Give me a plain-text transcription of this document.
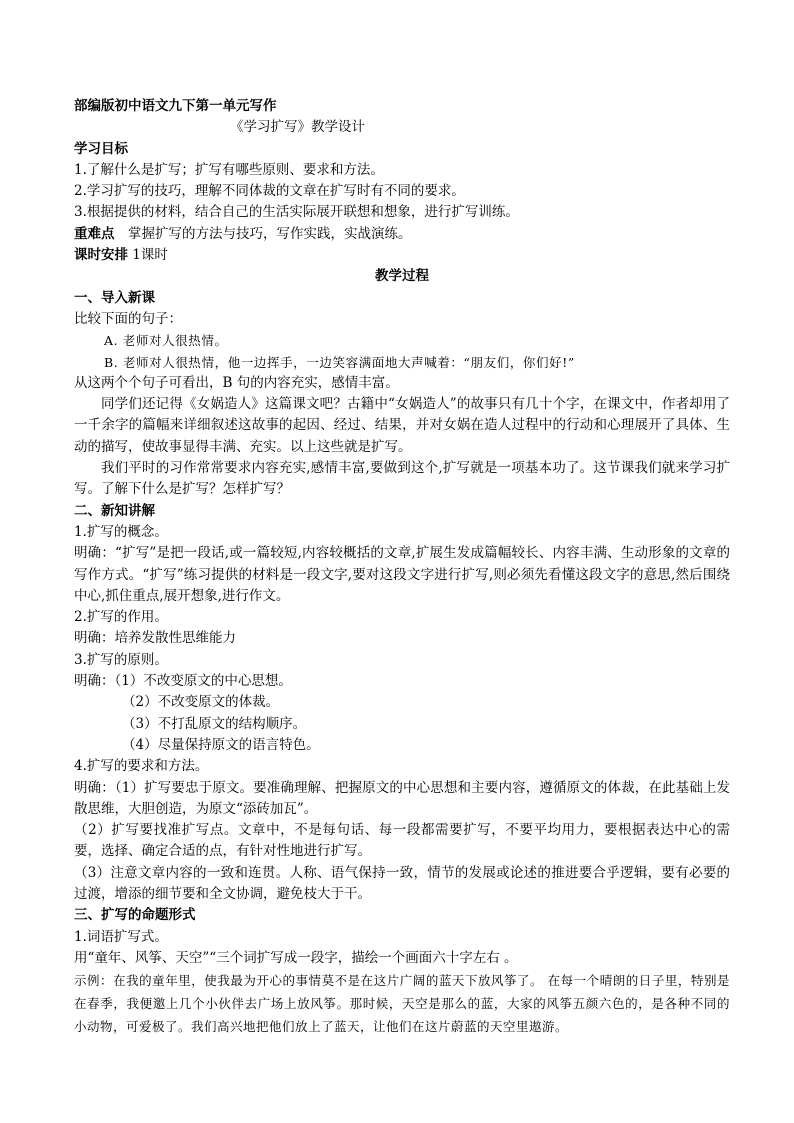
部编版初中语文九下第一单元写作
《学习扩写》教学设计
学习目标
1.了解什么是扩写；扩写有哪些原则、要求和方法。
2.学习扩写的技巧，理解不同体裁的文章在扩写时有不同的要求。
3.根据提供的材料，结合自己的生活实际展开联想和想象，进行扩写训练。
重难点　掌握扩写的方法与技巧，写作实践，实战演练。
课时安排 1课时
教学过程
一、导入新课
比较下面的句子：
A. 老师对人很热情。
B. 老师对人很热情，他一边挥手，一边笑容满面地大声喊着：“朋友们，你们好!”
从这两个个句子可看出，B 句的内容充实，感情丰富。
同学们还记得《女娲造人》这篇课文吧？古籍中“女娲造人”的故事只有几十个字，在课文中，作者却用了一千余字的篇幅来详细叙述这故事的起因、经过、结果，并对女娲在造人过程中的行动和心理展开了具体、生动的描写，使故事显得丰满、充实。以上这些就是扩写。
我们平时的习作常常要求内容充实,感情丰富,要做到这个,扩写就是一项基本功了。这节课我们就来学习扩写。了解下什么是扩写？怎样扩写？
二、新知讲解
1.扩写的概念。
明确：“扩写”是把一段话,或一篇较短,内容较概括的文章,扩展生发成篇幅较长、内容丰满、生动形象的文章的写作方式。“扩写”练习提供的材料是一段文字,要对这段文字进行扩写,则必须先看懂这段文字的意思,然后围绕中心,抓住重点,展开想象,进行作文。
2.扩写的作用。
明确：培养发散性思维能力
3.扩写的原则。
明确：（1）不改变原文的中心思想。
（2）不改变原文的体裁。
（3）不打乱原文的结构顺序。
（4）尽量保持原文的语言特色。
4.扩写的要求和方法。
明确：（1）扩写要忠于原文。要准确理解、把握原文的中心思想和主要内容，遵循原文的体裁，在此基础上发散思维，大胆创造，为原文“添砖加瓦”。
（2）扩写要找准扩写点。文章中，不是每句话、每一段都需要扩写，不要平均用力，要根据表达中心的需要，选择、确定合适的点，有针对性地进行扩写。
（3）注意文章内容的一致和连贯。人称、语气保持一致，情节的发展或论述的推进要合乎逻辑，要有必要的过渡，增添的细节要和全文协调，避免枝大于干。
三、扩写的命题形式
1.词语扩写式。
用“童年、风筝、天空”“三个词扩写成一段字，描绘一个画面六十字左右 。
示例：在我的童年里，使我最为开心的事情莫不是在这片广阔的蓝天下放风筝了。 在每一个晴朗的日子里，特别是在春季，我便邀上几个小伙伴去广场上放风筝。那时候，天空是那么的蓝，大家的风筝五颜六色的，是各种不同的小动物，可爱极了。我们高兴地把他们放上了蓝天，让他们在这片蔚蓝的天空里遨游。
